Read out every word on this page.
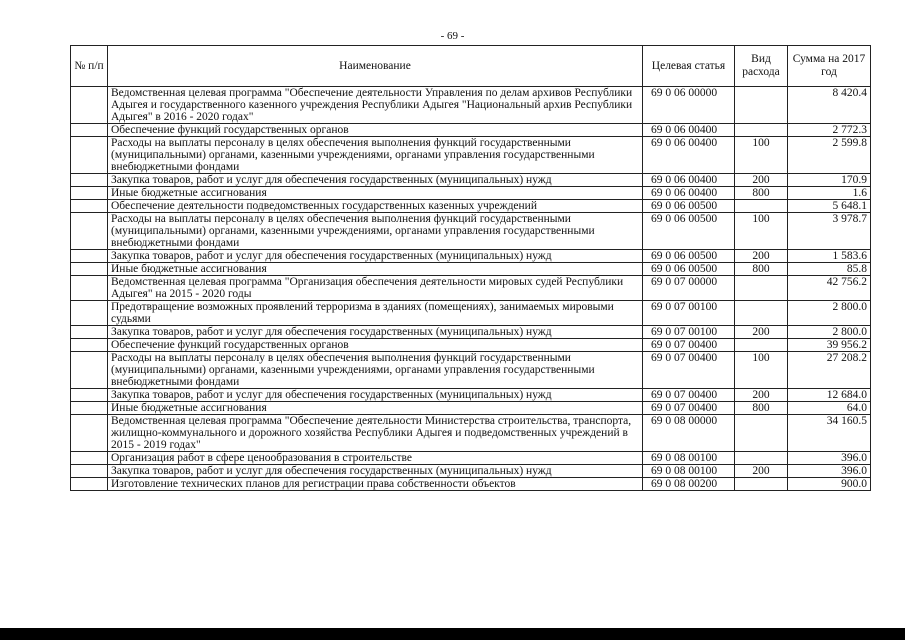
- 69 -
№ п/п	Наименование	Целевая статья	Вид расхода	Сумма на 2017 год
	Ведомственная целевая программа "Обеспечение деятельности Управления по делам архивов Республики Адыгея и государственного казенного учреждения Республики Адыгея "Национальный архив Республики Адыгея" в 2016 - 2020 годах"	69 0 06 00000		8 420.4
	Обеспечение функций государственных органов	69 0 06 00400		2 772.3
	Расходы на выплаты персоналу в целях обеспечения выполнения функций государственными (муниципальными) органами, казенными учреждениями, органами управления государственными внебюджетными фондами	69 0 06 00400	100	2 599.8
	Закупка товаров, работ и услуг для обеспечения государственных (муниципальных) нужд	69 0 06 00400	200	170.9
	Иные бюджетные ассигнования	69 0 06 00400	800	1.6
	Обеспечение деятельности подведомственных государственных казенных учреждений	69 0 06 00500		5 648.1
	Расходы на выплаты персоналу в целях обеспечения выполнения функций государственными (муниципальными) органами, казенными учреждениями, органами управления государственными внебюджетными фондами	69 0 06 00500	100	3 978.7
	Закупка товаров, работ и услуг для обеспечения государственных (муниципальных) нужд	69 0 06 00500	200	1 583.6
	Иные бюджетные ассигнования	69 0 06 00500	800	85.8
	Ведомственная целевая программа "Организация обеспечения деятельности мировых судей Республики Адыгея" на 2015 - 2020 годы	69 0 07 00000		42 756.2
	Предотвращение возможных проявлений терроризма в зданиях (помещениях), занимаемых мировыми судьями	69 0 07 00100		2 800.0
	Закупка товаров, работ и услуг для обеспечения государственных (муниципальных) нужд	69 0 07 00100	200	2 800.0
	Обеспечение функций государственных органов	69 0 07 00400		39 956.2
	Расходы на выплаты персоналу в целях обеспечения выполнения функций государственными (муниципальными) органами, казенными учреждениями, органами управления государственными внебюджетными фондами	69 0 07 00400	100	27 208.2
	Закупка товаров, работ и услуг для обеспечения государственных (муниципальных) нужд	69 0 07 00400	200	12 684.0
	Иные бюджетные ассигнования	69 0 07 00400	800	64.0
	Ведомственная целевая программа "Обеспечение деятельности Министерства строительства, транспорта, жилищно-коммунального и дорожного хозяйства Республики Адыгея и подведомственных учреждений в 2015 - 2019 годах"	69 0 08 00000		34 160.5
	Организация работ в сфере ценообразования в строительстве	69 0 08 00100		396.0
	Закупка товаров, работ и услуг для обеспечения государственных (муниципальных) нужд	69 0 08 00100	200	396.0
	Изготовление технических планов для регистрации права собственности объектов	69 0 08 00200		900.0
